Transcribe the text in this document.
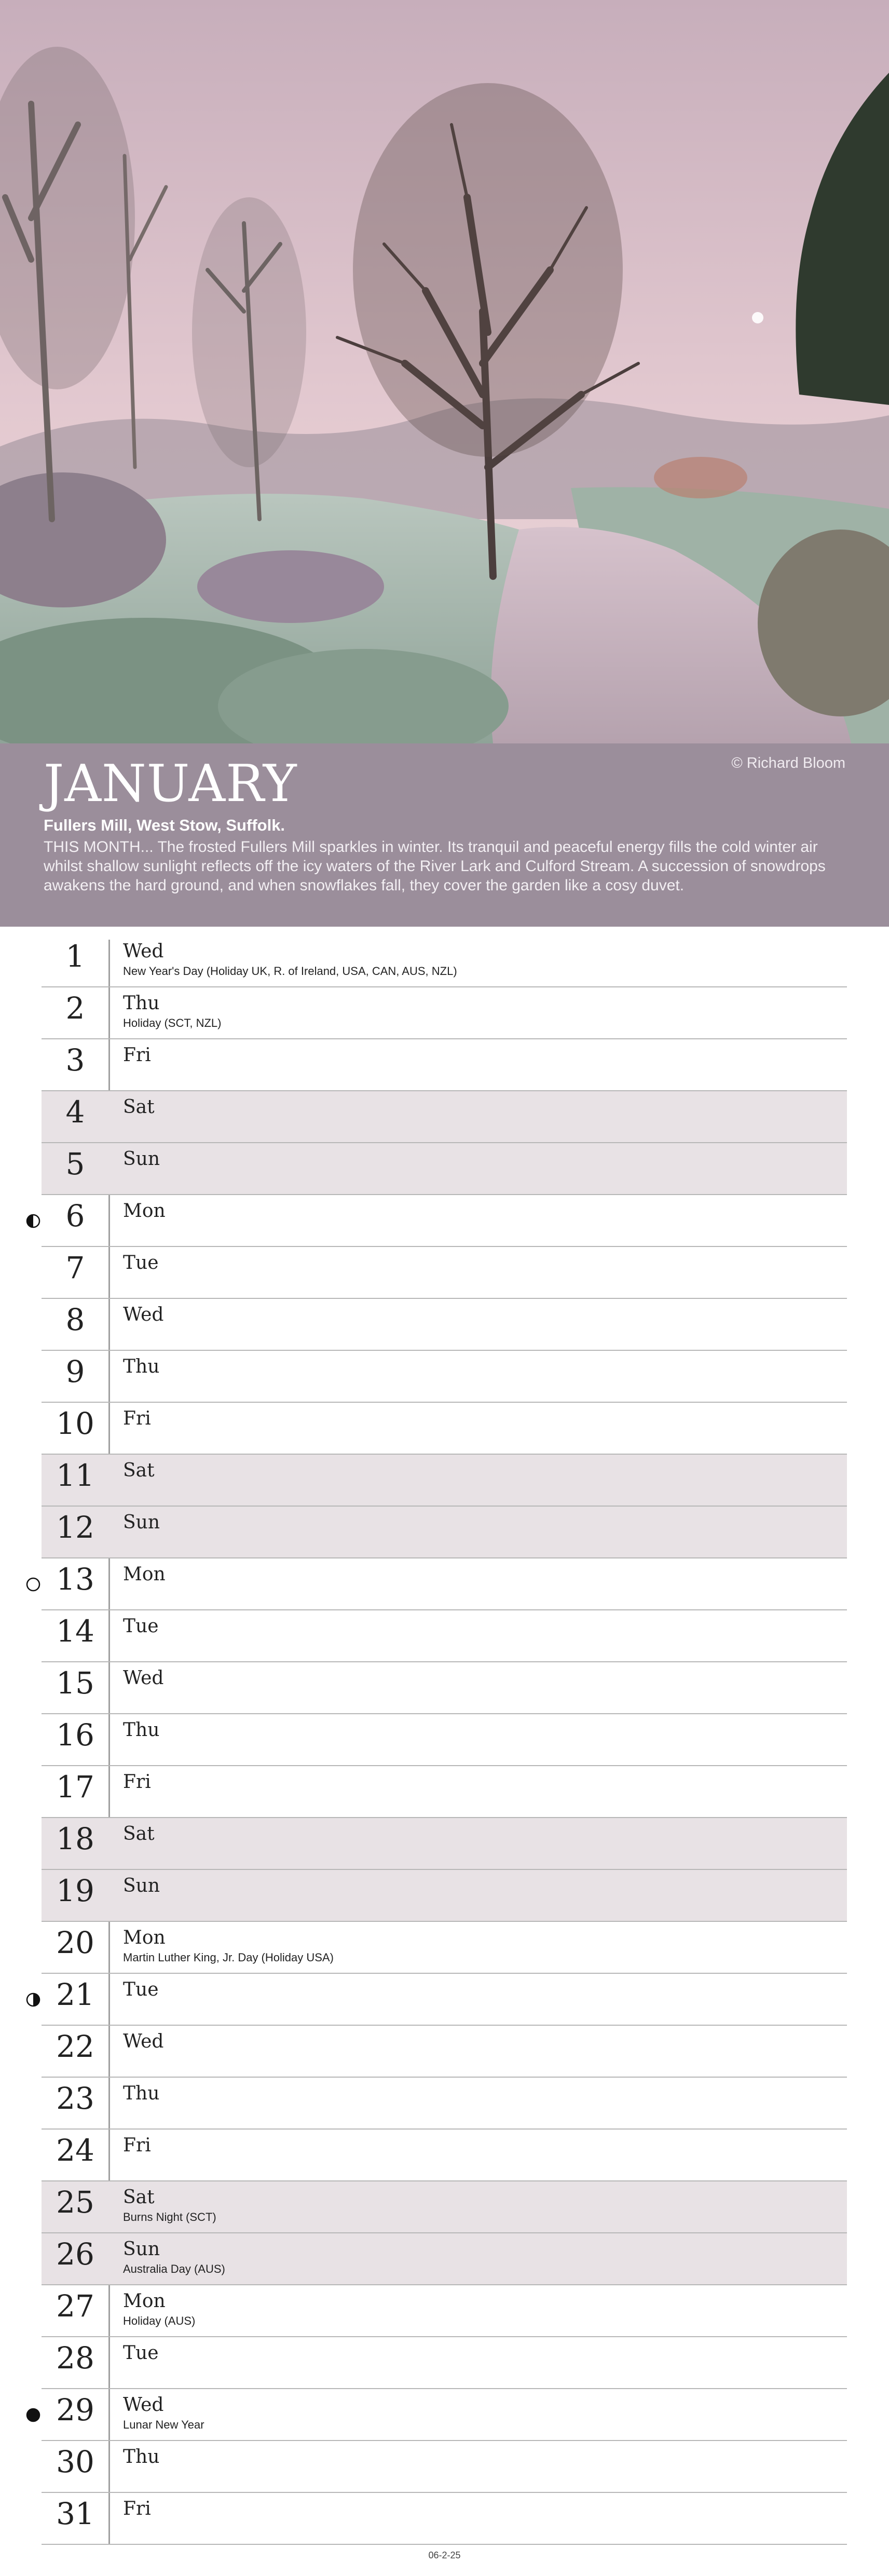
JANUARY	© Richard Bloom

Fullers Mill, West Stow, Suffolk.

THIS MONTH... The frosted Fullers Mill sparkles in winter. Its tranquil and peaceful energy fills the cold winter air whilst shallow sunlight reflects off the icy waters of the River Lark and Culford Stream. A succession of snowdrops awakens the hard ground, and when snowflakes fall, they cover the garden like a cosy duvet.

1	Wed
New Year's Day (Holiday UK, R. of Ireland, USA, CAN, AUS, NZL)
2	Thu
Holiday (SCT, NZL)
3	Fri
4	Sat
5	Sun
6	Mon
7	Tue
8	Wed
9	Thu
10	Fri
11	Sat
12	Sun
13	Mon
14	Tue
15	Wed
16	Thu
17	Fri
18	Sat
19	Sun
20	Mon
Martin Luther King, Jr. Day (Holiday USA)
21	Tue
22	Wed
23	Thu
24	Fri
25	Sat
Burns Night (SCT)
26	Sun
Australia Day (AUS)
27	Mon
Holiday (AUS)
28	Tue
29	Wed
Lunar New Year
30	Thu
31	Fri
06-2-25
